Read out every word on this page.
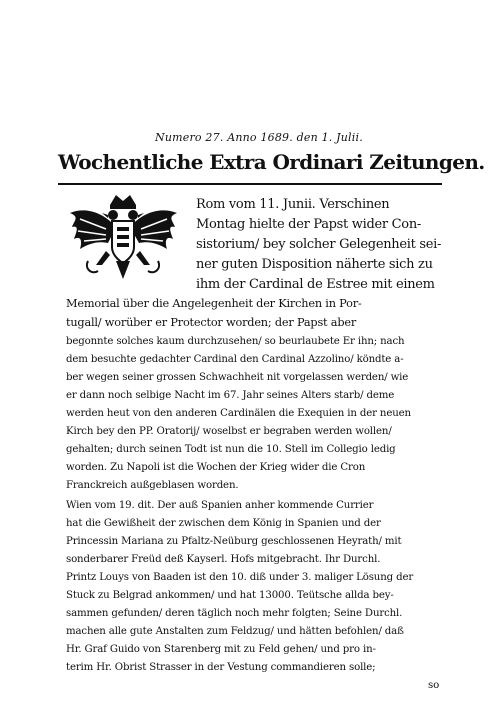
Numero 27. Anno 1689. den 1. Julii.
Wochentliche Extra Ordinari Zeitungen.
Rom vom 11. Junii. Verschinen
Montag hielte der Papst wider Con-
sistorium/ bey solcher Gelegenheit sei-
ner guten Disposition näherte sich zu
ihm der Cardinal de Estree mit einem
Memorial über die Angelegenheit der Kirchen in Por-
tugall/ worüber er Protector worden; der Papst aber
begonnte solches kaum durchzusehen/ so beurlaubete Er ihn; nach
dem besuchte gedachter Cardinal den Cardinal Azzolino/ köndte a-
ber wegen seiner grossen Schwachheit nit vorgelassen werden/ wie
er dann noch selbige Nacht im 67. Jahr seines Alters starb/ deme
werden heut von den anderen Cardinälen die Exequien in der neuen
Kirch bey den PP. Oratorij/ woselbst er begraben werden wollen/
gehalten; durch seinen Todt ist nun die 10. Stell im Collegio ledig
worden. Zu Napoli ist die Wochen der Krieg wider die Cron
Franckreich außgeblasen worden.
Wien vom 19. dit. Der auß Spanien anher kommende Currier
hat die Gewißheit der zwischen dem König in Spanien und der
Princessin Mariana zu Pfaltz-Neüburg geschlossenen Heyrath/ mit
sonderbarer Freüd deß Kayserl. Hofs mitgebracht. Ihr Durchl.
Printz Louys von Baaden ist den 10. diß under 3. maliger Lösung der
Stuck zu Belgrad ankommen/ und hat 13000. Teütsche allda bey-
sammen gefunden/ deren täglich noch mehr folgten; Seine Durchl.
machen alle gute Anstalten zum Feldzug/ und hätten befohlen/ daß
Hr. Graf Guido von Starenberg mit zu Feld gehen/ und pro in-
terim Hr. Obrist Strasser in der Vestung commandieren solle;
so
